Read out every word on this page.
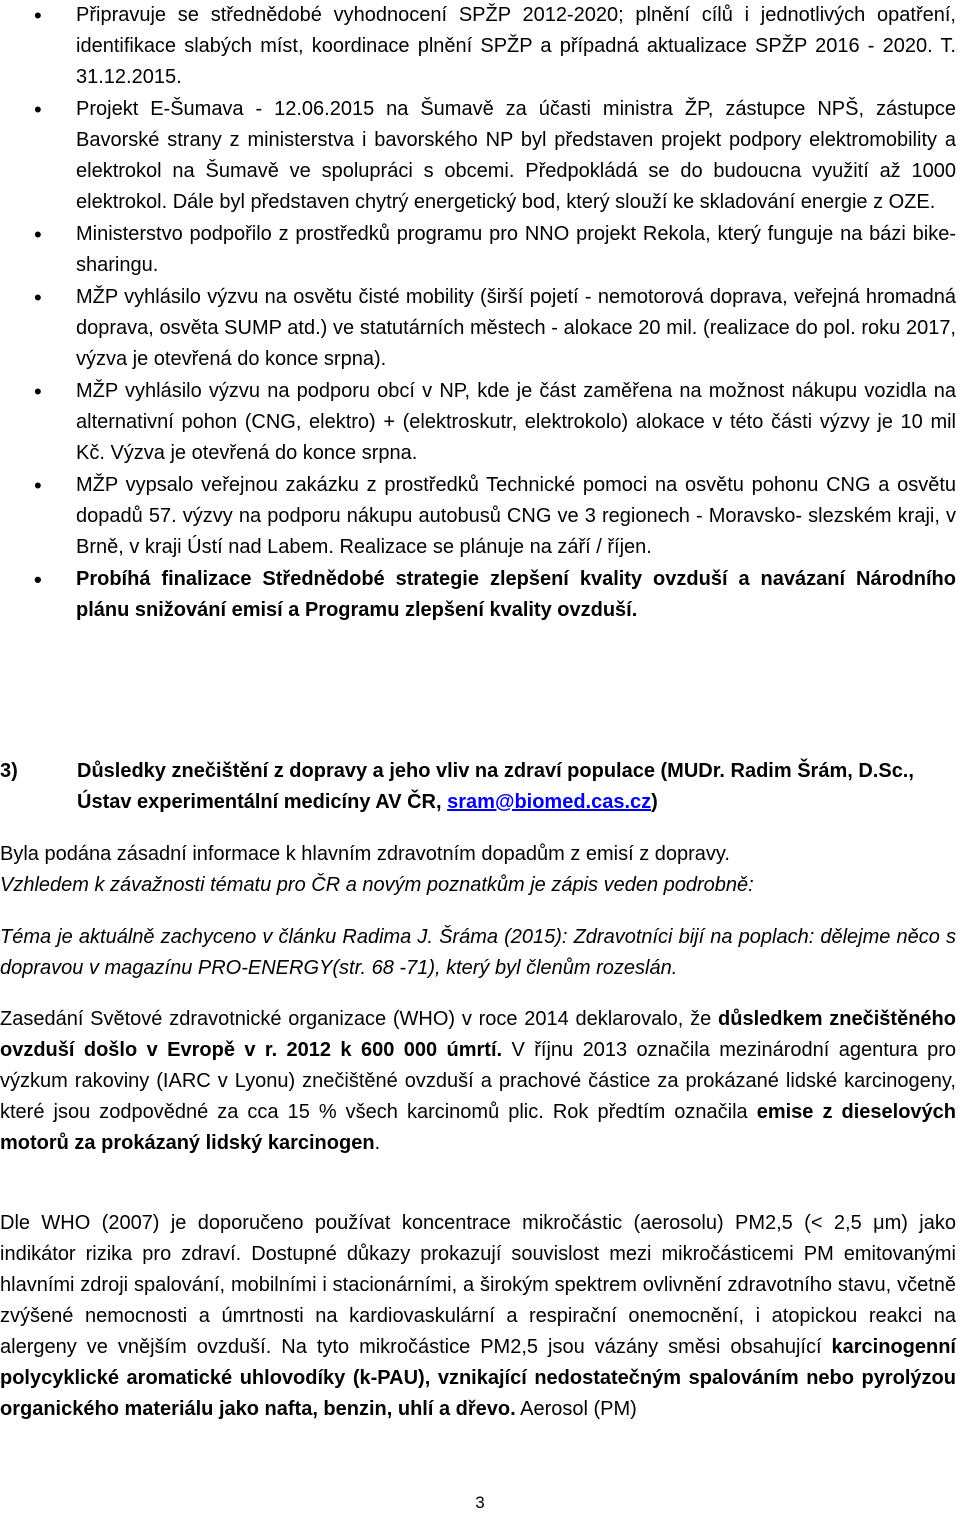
• Připravuje se střednědobé vyhodnocení SPŽP 2012-2020; plnění cílů i jednotlivých opatření, identifikace slabých míst, koordinace plnění SPŽP a případná aktualizace SPŽP 2016 - 2020. T. 31.12.2015.
• Projekt E-Šumava - 12.06.2015 na Šumavě za účasti ministra ŽP, zástupce NPŠ, zástupce Bavorské strany z ministerstva i bavorského NP byl představen projekt podpory elektromobility a elektrokol na Šumavě ve spolupráci s obcemi. Předpokládá se do budoucna využití až 1000 elektrokol. Dále byl představen chytrý energetický bod, který slouží ke skladování energie z OZE.
• Ministerstvo podpořilo z prostředků programu pro NNO projekt Rekola, který funguje na bázi bike-sharingu.
• MŽP vyhlásilo výzvu na osvětu čisté mobility (širší pojetí - nemotorová doprava, veřejná hromadná doprava, osvěta SUMP atd.) ve statutárních městech - alokace 20 mil. (realizace do pol. roku 2017, výzva je otevřená do konce srpna).
• MŽP vyhlásilo výzvu na podporu obcí v NP, kde je část zaměřena na možnost nákupu vozidla na alternativní pohon (CNG, elektro) + (elektroskutr, elektrokolo) alokace v této části výzvy je 10 mil Kč. Výzva je otevřená do konce srpna.
• MŽP vypsalo veřejnou zakázku z prostředků Technické pomoci na osvětu pohonu CNG a osvětu dopadů 57. výzvy na podporu nákupu autobusů CNG ve 3 regionech - Moravsko- slezském kraji, v Brně, v kraji Ústí nad Labem. Realizace se plánuje na září / říjen.
• Probíhá finalizace Střednědobé strategie zlepšení kvality ovzduší a navázaní Národního plánu snižování emisí a Programu zlepšení kvality ovzduší.
3)	Důsledky znečištění z dopravy a jeho vliv na zdraví populace (MUDr. Radim Šrám, D.Sc., Ústav experimentální medicíny AV ČR, sram@biomed.cas.cz)

Byla podána zásadní informace k hlavním zdravotním dopadům z emisí z dopravy.
Vzhledem k závažnosti tématu pro ČR a novým poznatkům je zápis veden podrobně:

Téma je aktuálně zachyceno v článku Radima J. Šráma (2015): Zdravotníci bijí na poplach: dělejme něco s dopravou v magazínu PRO-ENERGY(str. 68 -71), který byl členům rozeslán.

Zasedání Světové zdravotnické organizace (WHO) v roce 2014 deklarovalo, že důsledkem znečištěného ovzduší došlo v Evropě v r. 2012 k 600 000 úmrtí. V říjnu 2013 označila mezinárodní agentura pro výzkum rakoviny (IARC v Lyonu) znečištěné ovzduší a prachové částice za prokázané lidské karcinogeny, které jsou zodpovědné za cca 15 % všech karcinomů plic. Rok předtím označila emise z dieselových motorů za prokázaný lidský karcinogen.

Dle WHO (2007) je doporučeno používat koncentrace mikročástic (aerosolu) PM2,5 (< 2,5 μm) jako indikátor rizika pro zdraví. Dostupné důkazy prokazují souvislost mezi mikročásticemi PM emitovanými hlavními zdroji spalování, mobilními i stacionárními, a širokým spektrem ovlivnění zdravotního stavu, včetně zvýšené nemocnosti a úmrtnosti na kardiovaskulární a respirační onemocnění, i atopickou reakci na alergeny ve vnějším ovzduší. Na tyto mikročástice PM2,5 jsou vázány směsi obsahující karcinogenní polycyklické aromatické uhlovodíky (k-PAU), vznikající nedostatečným spalováním nebo pyrolýzou organického materiálu jako nafta, benzin, uhlí a dřevo. Aerosol (PM)

3
